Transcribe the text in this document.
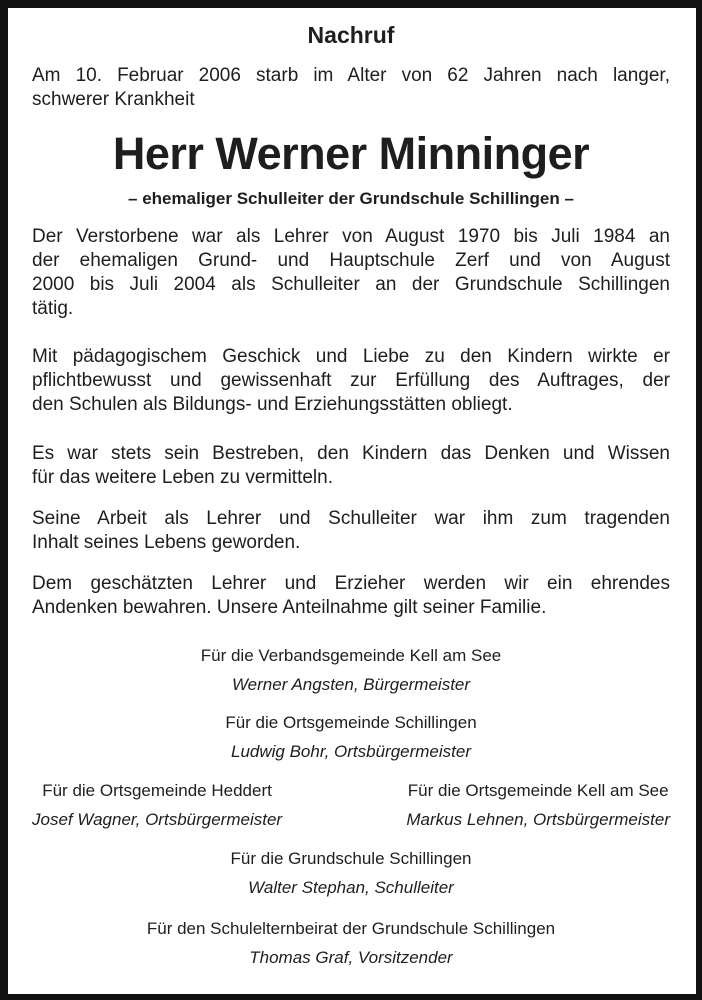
Nachruf
Am 10. Februar 2006 starb im Alter von 62 Jahren nach langer,
schwerer Krankheit
Herr Werner Minninger
– ehemaliger Schulleiter der Grundschule Schillingen –
Der Verstorbene war als Lehrer von August 1970 bis Juli 1984 an
der ehemaligen Grund- und Hauptschule Zerf und von August
2000 bis Juli 2004 als Schulleiter an der Grundschule Schillingen
tätig.
Mit pädagogischem Geschick und Liebe zu den Kindern wirkte er
pflichtbewusst und gewissenhaft zur Erfüllung des Auftrages, der
den Schulen als Bildungs- und Erziehungsstätten obliegt.
Es war stets sein Bestreben, den Kindern das Denken und Wissen
für das weitere Leben zu vermitteln.
Seine Arbeit als Lehrer und Schulleiter war ihm zum tragenden
Inhalt seines Lebens geworden.
Dem geschätzten Lehrer und Erzieher werden wir ein ehrendes
Andenken bewahren. Unsere Anteilnahme gilt seiner Familie.
Für die Verbandsgemeinde Kell am See
Werner Angsten, Bürgermeister
Für die Ortsgemeinde Schillingen
Ludwig Bohr, Ortsbürgermeister
Für die Ortsgemeinde Heddert
Josef Wagner, Ortsbürgermeister
Für die Ortsgemeinde Kell am See
Markus Lehnen, Ortsbürgermeister
Für die Grundschule Schillingen
Walter Stephan, Schulleiter
Für den Schulelternbeirat der Grundschule Schillingen
Thomas Graf, Vorsitzender
